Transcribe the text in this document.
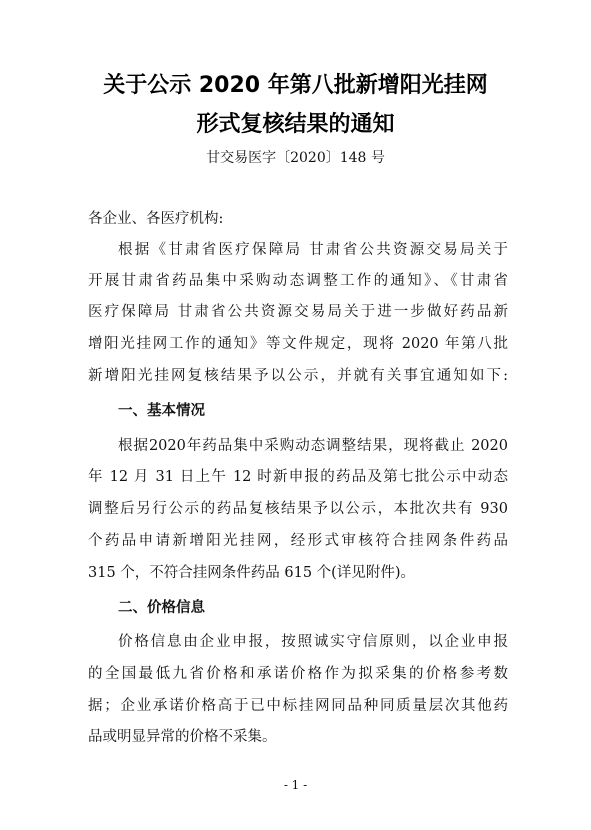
关于公示 2020 年第八批新增阳光挂网
形式复核结果的通知
甘交易医字〔2020〕148 号
各企业、各医疗机构:
根据《甘肃省医疗保障局 甘肃省公共资源交易局关于
开展甘肃省药品集中采购动态调整工作的通知》、《甘肃省
医疗保障局 甘肃省公共资源交易局关于进一步做好药品新
增阳光挂网工作的通知》等文件规定，现将 2020 年第八批
新增阳光挂网复核结果予以公示，并就有关事宜通知如下:
一、基本情况
根据2020年药品集中采购动态调整结果，现将截止 2020
年 12 月 31 日上午 12 时新申报的药品及第七批公示中动态
调整后另行公示的药品复核结果予以公示，本批次共有 930
个药品申请新增阳光挂网，经形式审核符合挂网条件药品
315 个，不符合挂网条件药品 615 个(详见附件)。
二、价格信息
价格信息由企业申报，按照诚实守信原则，以企业申报
的全国最低九省价格和承诺价格作为拟采集的价格参考数
据；企业承诺价格高于已中标挂网同品种同质量层次其他药
品或明显异常的价格不采集。
- 1 -
